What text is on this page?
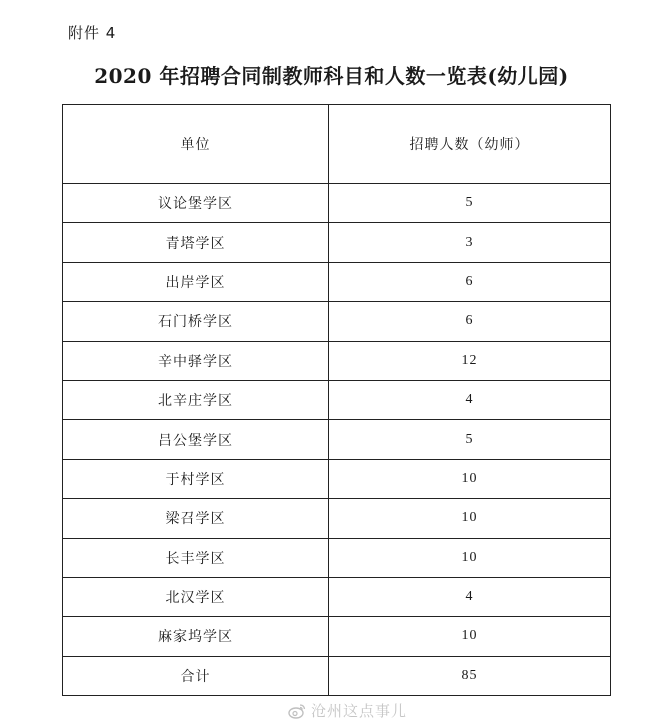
附件 4
2020 年招聘合同制教师科目和人数一览表(幼儿园)
单位	招聘人数（幼师）
议论堡学区	5
青塔学区	3
出岸学区	6
石门桥学区	6
辛中驿学区	12
北辛庄学区	4
吕公堡学区	5
于村学区	10
梁召学区	10
长丰学区	10
北汉学区	4
麻家坞学区	10
合计	85
沧州这点事儿
